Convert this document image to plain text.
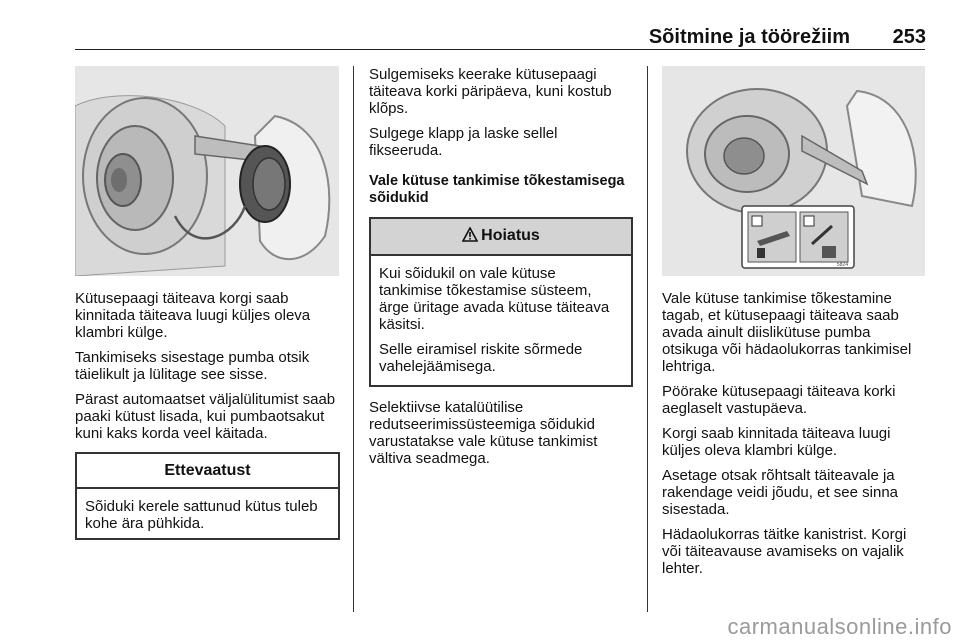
Sõitmine ja töörežiim 253

Kütusepaagi täiteava korgi saab kinnitada täiteava luugi küljes oleva klambri külge.

Tankimiseks sisestage pumba otsik täielikult ja lülitage see sisse.

Pärast automaatset väljalülitumist saab paaki kütust lisada, kui pumbaotsakut kuni kaks korda veel käitada.

Ettevaatust

Sõiduki kerele sattunud kütus tuleb kohe ära pühkida.

Sulgemiseks keerake kütusepaagi täiteava korki päripäeva, kuni kostub klõps.

Sulgege klapp ja laske sellel fikseeruda.

Vale kütuse tankimise tõkestamisega sõidukid
Hoiatus

Kui sõidukil on vale kütuse tankimise tõkestamise süsteem, ärge üritage avada kütuse täiteava käsitsi.

Selle eiramisel riskite sõrmede vahelejäämisega.

Selektiivse katalüütilise redutseerimissüsteemiga sõidukid varustatakse vale kütuse tankimist vältiva seadmega.

5824

Vale kütuse tankimise tõkestamine tagab, et kütusepaagi täiteava saab avada ainult diislikütuse pumba otsikuga või hädaolukorras tankimisel lehtriga.

Pöörake kütusepaagi täiteava korki aeglaselt vastupäeva.

Korgi saab kinnitada täiteava luugi küljes oleva klambri külge.

Asetage otsak rõhtsalt täiteavale ja rakendage veidi jõudu, et see sinna sisestada.

Hädaolukorras täitke kanistrist. Korgi või täiteavause avamiseks on vajalik lehter.

carmanualsonline.info
